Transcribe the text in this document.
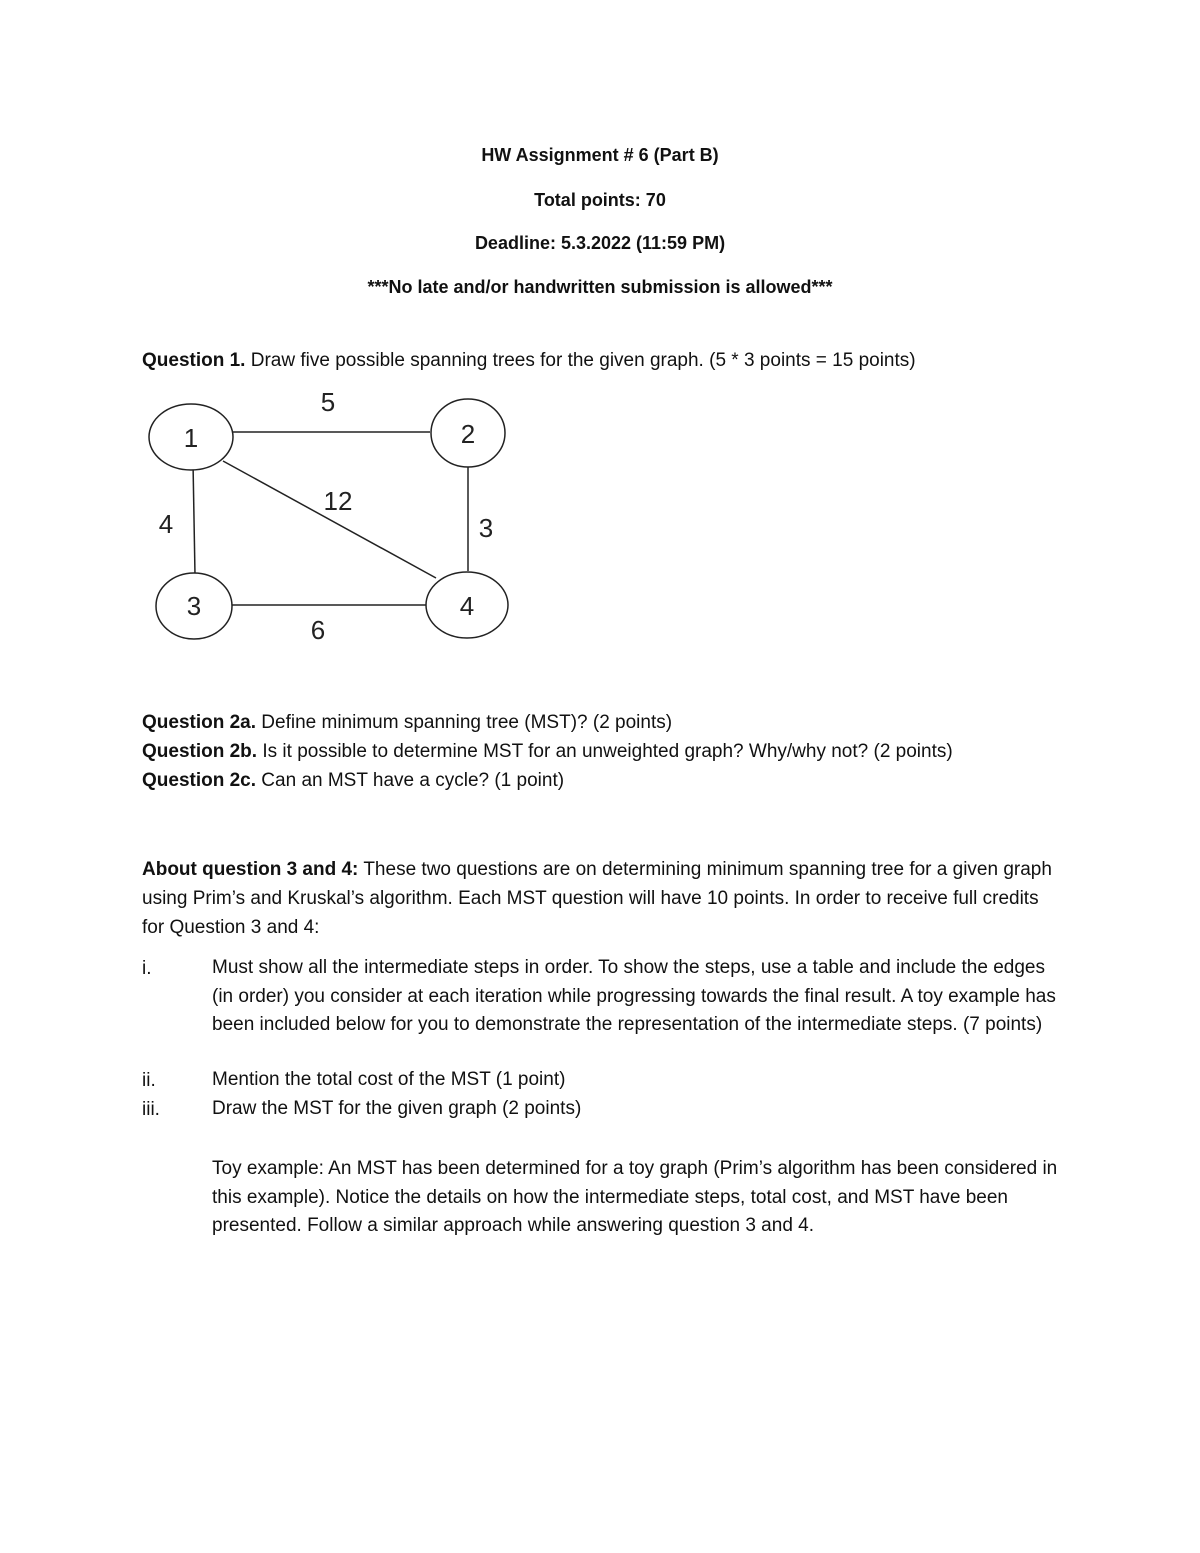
HW Assignment # 6 (Part B)
Total points: 70
Deadline: 5.3.2022 (11:59 PM)
***No late and/or handwritten submission is allowed***
Question 1. Draw five possible spanning trees for the given graph. (5 * 3 points = 15 points)
1	2
3	4
5
4
12
3
6
Question 2a. Define minimum spanning tree (MST)? (2 points)
Question 2b. Is it possible to determine MST for an unweighted graph? Why/why not? (2 points)
Question 2c. Can an MST have a cycle? (1 point)

About question 3 and 4: These two questions are on determining minimum spanning tree for a given graph using Prim’s and Kruskal’s algorithm. Each MST question will have 10 points. In order to receive full credits for Question 3 and 4:

i.	Must show all the intermediate steps in order. To show the steps, use a table and include the edges (in order) you consider at each iteration while progressing towards the final result. A toy example has been included below for you to demonstrate the representation of the intermediate steps. (7 points)

ii.	Mention the total cost of the MST (1 point)

iii.	Draw the MST for the given graph (2 points)

Toy example: An MST has been determined for a toy graph (Prim’s algorithm has been considered in this example). Notice the details on how the intermediate steps, total cost, and MST have been presented. Follow a similar approach while answering question 3 and 4.
